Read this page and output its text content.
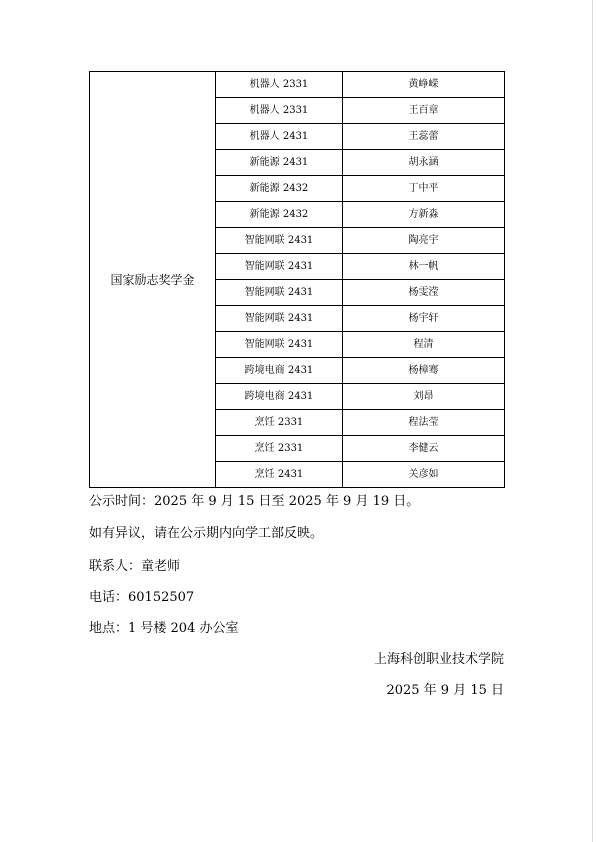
国家励志奖学金	机器人 2331	黄峥嵘
	机器人 2331	王百章
	机器人 2431	王蕊蕾
	新能源 2431	胡永涵
	新能源 2432	丁中平
	新能源 2432	方新淼
	智能网联 2431	陶亮宇
	智能网联 2431	林一帆
	智能网联 2431	杨雯滢
	智能网联 2431	杨宇轩
	智能网联 2431	程清
	跨境电商 2431	杨樟骞
	跨境电商 2431	刘昂
	烹饪 2331	程法莹
	烹饪 2331	李健云
	烹饪 2431	关彦如
公示时间：2025 年 9 月 15 日至 2025 年 9 月 19 日。
如有异议，请在公示期内向学工部反映。
联系人：童老师
电话：60152507
地点：1 号楼 204 办公室
上海科创职业技术学院
2025 年 9 月 15 日
